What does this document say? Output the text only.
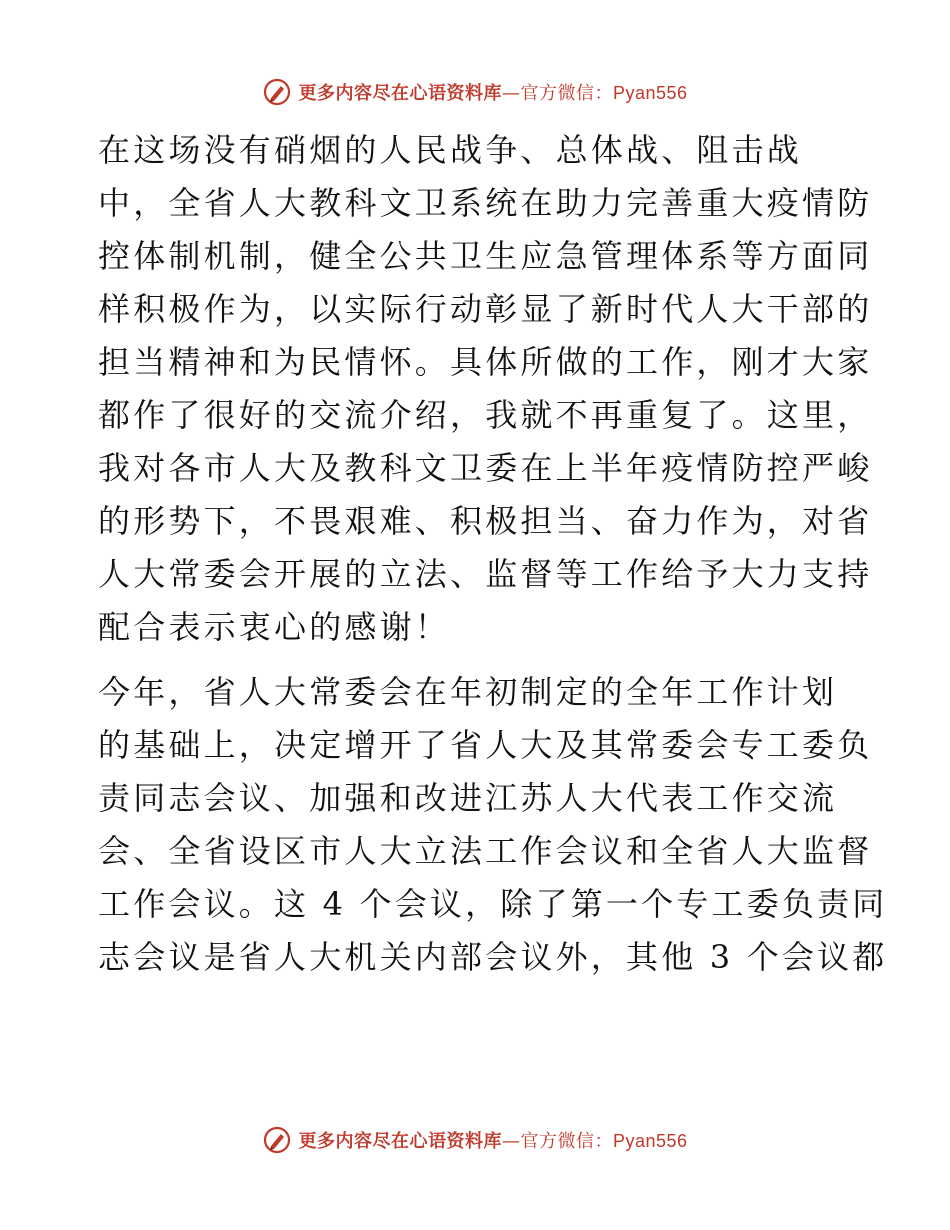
更多内容尽在心语资料库—官方微信：Pyan556

在这场没有硝烟的人民战争、总体战、阻击战
中，全省人大教科文卫系统在助力完善重大疫情防
控体制机制，健全公共卫生应急管理体系等方面同
样积极作为，以实际行动彰显了新时代人大干部的
担当精神和为民情怀。具体所做的工作，刚才大家
都作了很好的交流介绍，我就不再重复了。这里，
我对各市人大及教科文卫委在上半年疫情防控严峻
的形势下，不畏艰难、积极担当、奋力作为，对省
人大常委会开展的立法、监督等工作给予大力支持
配合表示衷心的感谢！

今年，省人大常委会在年初制定的全年工作计划
的基础上，决定增开了省人大及其常委会专工委负
责同志会议、加强和改进江苏人大代表工作交流
会、全省设区市人大立法工作会议和全省人大监督
工作会议。这 4 个会议，除了第一个专工委负责同
志会议是省人大机关内部会议外，其他 3 个会议都

更多内容尽在心语资料库—官方微信：Pyan556
